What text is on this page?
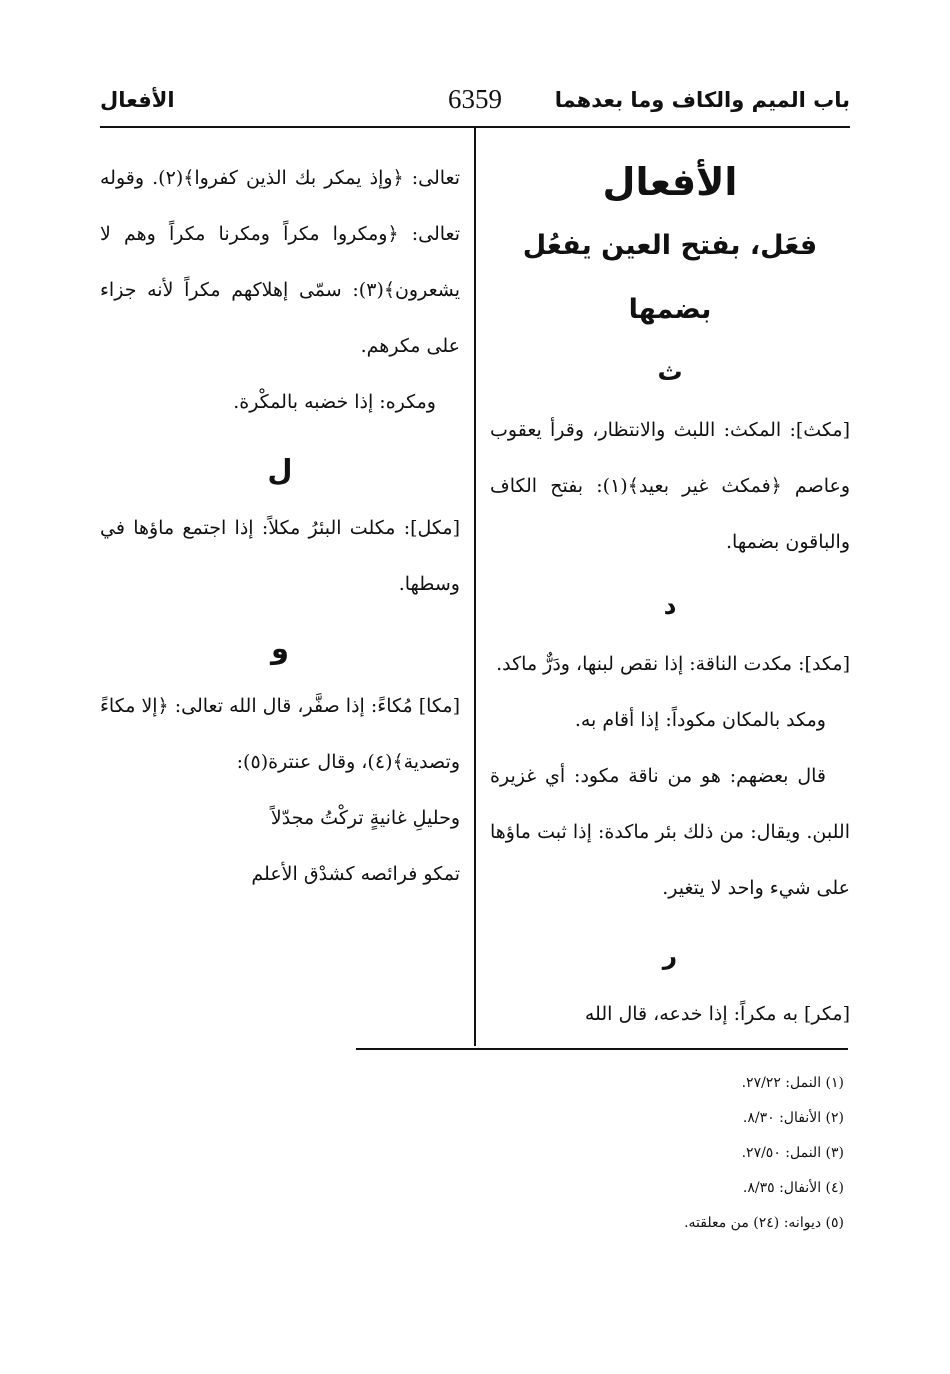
باب الميم والكاف وما بعدهما
6359
الأفعال
الأفعال
فعَل، بفتح العين يفعُل بضمها
ث

[مكث]: المكث: اللبث والانتظار، وقرأ يعقوب وعاصم ﴿فمكث غير بعيد﴾(١): بفتح الكاف والباقون بضمها.

د

[مكد]: مكدت الناقة: إذا نقص لبنها، ودَرٌّ ماكد.

ومكد بالمكان مكوداً: إذا أقام به.

قال بعضهم: هو من ناقة مكود: أي غزيرة اللبن. ويقال: من ذلك بئر ماكدة: إذا ثبت ماؤها على شيء واحد لا يتغير.

ر

[مكر] به مكراً: إذا خدعه، قال الله

تعالى: ﴿وإذ يمكر بك الذين كفروا﴾(٢). وقوله تعالى: ﴿ومكروا مكراً ومكرنا مكراً وهم لا يشعرون﴾(٣): سمّى إهلاكهم مكراً لأنه جزاء على مكرهم.

ومكره: إذا خضبه بالمكْرة.

ل

[مكل]: مكلت البئرُ مكلاً: إذا اجتمع ماؤها في وسطها.

و

[مكا] مُكاءً: إذا صفَّر، قال الله تعالى: ﴿إلا مكاءً وتصدية﴾(٤)، وقال عنترة(٥):

وحليلِ غانيةٍ تركْتُ مجدّلاً

تمكو فرائصه كشدْق الأعلم

(١) النمل: ٢٧/٢٢.
(٢) الأنفال: ٨/٣٠.
(٣) النمل: ٢٧/٥٠.
(٤) الأنفال: ٨/٣٥.
(٥) ديوانه: (٢٤) من معلقته.
